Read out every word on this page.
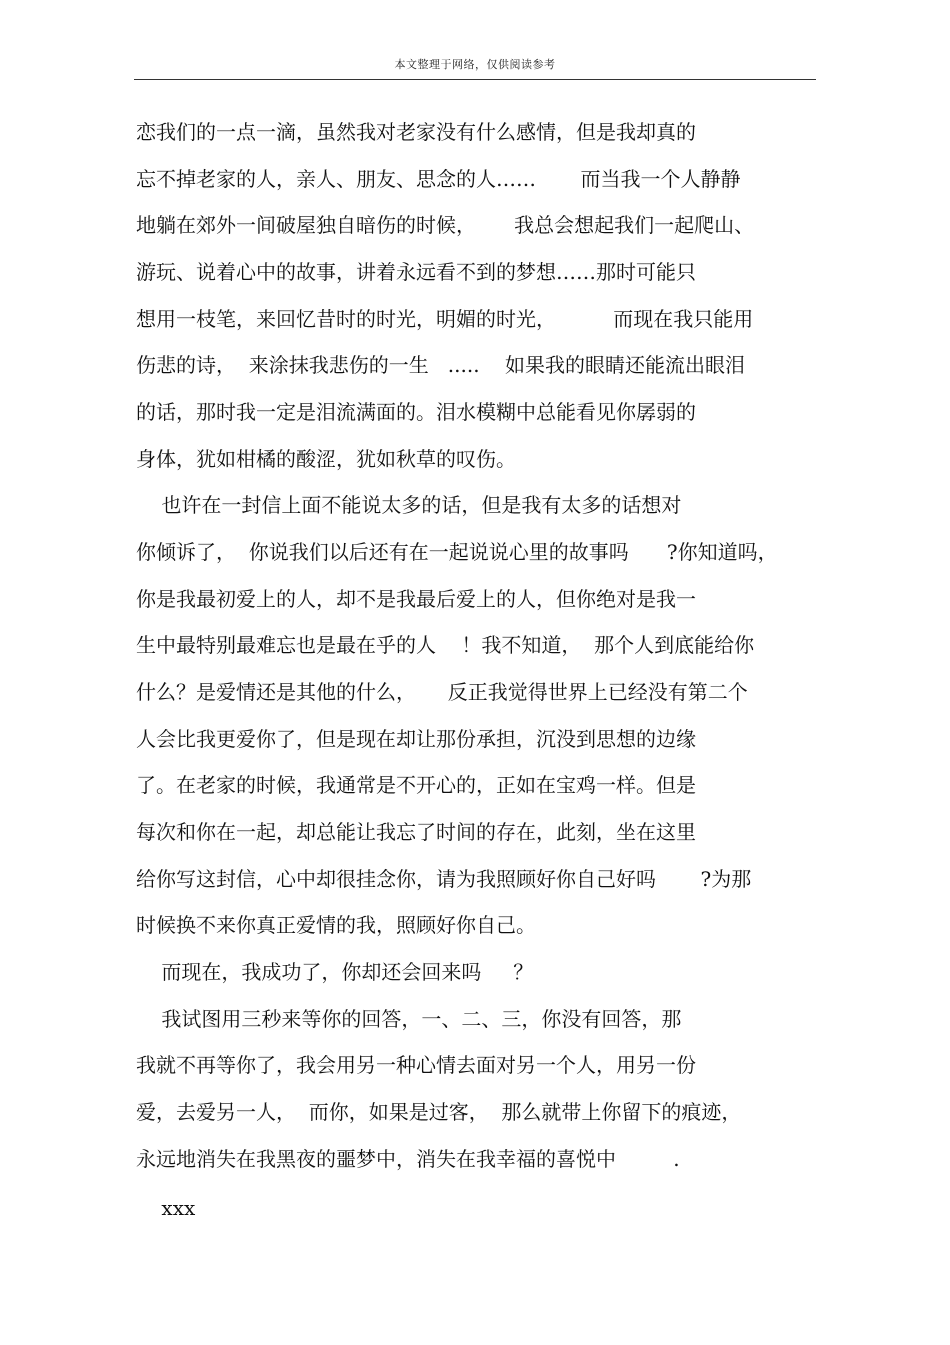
本文整理于网络，仅供阅读参考
恋我们的一点一滴，虽然我对老家没有什么感情，但是我却真的
忘不掉老家的人，亲人、朋友、思念的人……       而当我一个人静静
地躺在郊外一间破屋独自暗伤的时候，      我总会想起我们一起爬山、
游玩、说着心中的故事，讲着永远看不到的梦想……那时可能只
想用一枝笔，来回忆昔时的时光，明媚的时光，         而现在我只能用
伤悲的诗，  来涂抹我悲伤的一生   .....    如果我的眼睛还能流出眼泪
的话，那时我一定是泪流满面的。泪水模糊中总能看见你孱弱的
身体，犹如柑橘的酸涩，犹如秋草的叹伤。
也许在一封信上面不能说太多的话，但是我有太多的话想对
你倾诉了，  你说我们以后还有在一起说说心里的故事吗      ?你知道吗，
你是我最初爱上的人，却不是我最后爱上的人，但你绝对是我一
生中最特别最难忘也是最在乎的人    ！我不知道，  那个人到底能给你
什么？是爱情还是其他的什么，     反正我觉得世界上已经没有第二个
人会比我更爱你了，但是现在却让那份承担，沉没到思想的边缘
了。在老家的时候，我通常是不开心的，正如在宝鸡一样。但是
每次和你在一起，却总能让我忘了时间的存在，此刻，坐在这里
给你写这封信，心中却很挂念你，请为我照顾好你自己好吗       ?为那
时候换不来你真正爱情的我，照顾好你自己。
而现在，我成功了，你却还会回来吗     ？
我试图用三秒来等你的回答，一、二、三，你没有回答，那
我就不再等你了，我会用另一种心情去面对另一个人，用另一份
爱，去爱另一人，  而你，如果是过客，  那么就带上你留下的痕迹，
永远地消失在我黑夜的噩梦中，消失在我幸福的喜悦中         .
xxx
